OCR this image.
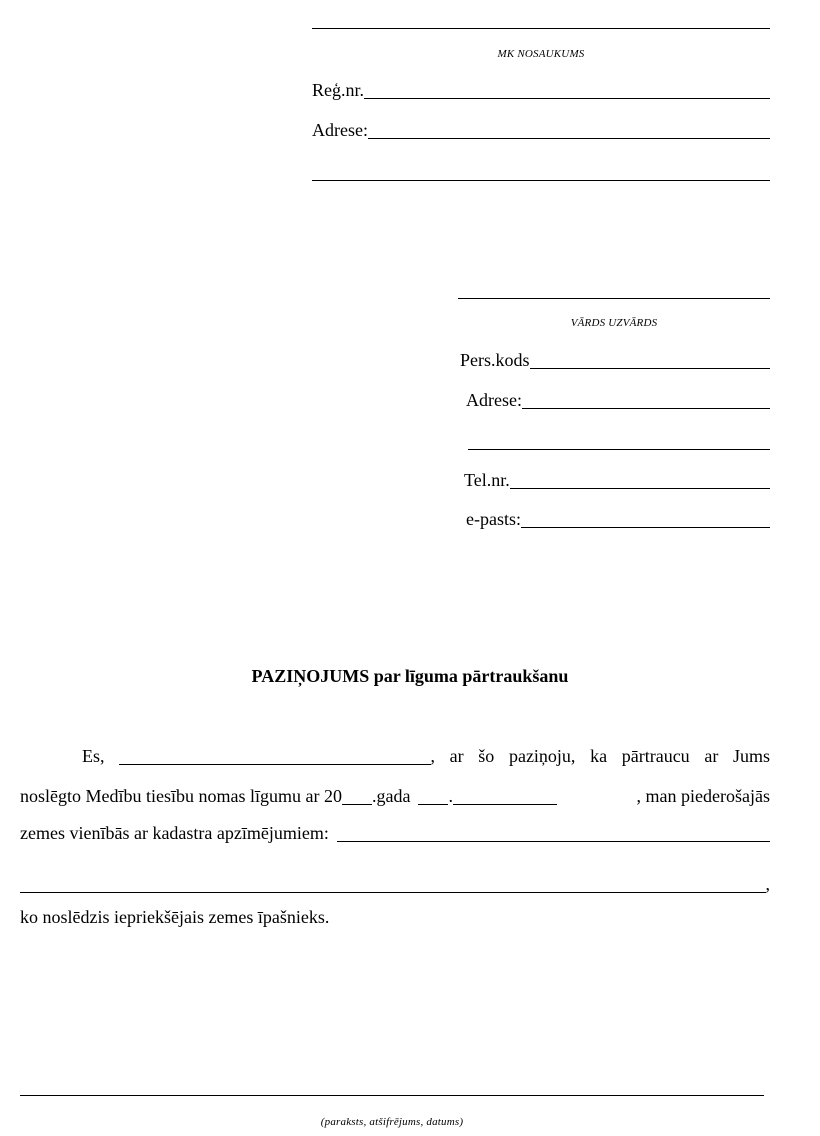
MK NOSAUKUMS
Reģ.nr.
Adrese:
VĀRDS UZVĀRDS
Pers.kods
Adrese:
Tel.nr.
e-pasts:
PAZIŅOJUMS par līguma pārtraukšanu
Es,	, ar šo paziņoju, ka pārtraucu ar Jums
noslēgto Medību tiesību nomas līgumu ar 20 .gada .	, man piederošajās
zemes vienībās ar kadastra apzīmējumiem:
,
ko noslēdzis iepriekšējais zemes īpašnieks.
(paraksts, atšifrējums, datums)
